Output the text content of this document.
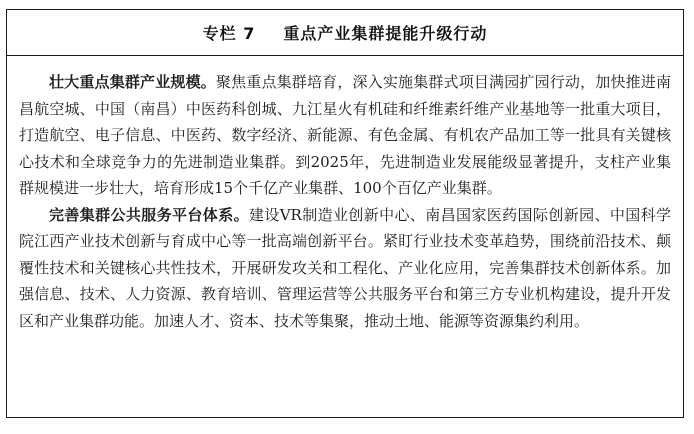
专栏 7 重点产业集群提能升级行动

壮大重点集群产业规模。聚焦重点集群培育，深入实施集群式项目满园扩园行动，加快推进南昌航空城、中国（南昌）中医药科创城、九江星火有机硅和纤维素纤维产业基地等一批重大项目，打造航空、电子信息、中医药、数字经济、新能源、有色金属、有机农产品加工等一批具有关键核心技术和全球竞争力的先进制造业集群。到2025年，先进制造业发展能级显著提升，支柱产业集群规模进一步壮大，培育形成15个千亿产业集群、100个百亿产业集群。

完善集群公共服务平台体系。建设VR制造业创新中心、南昌国家医药国际创新园、中国科学院江西产业技术创新与育成中心等一批高端创新平台。紧盯行业技术变革趋势，围绕前沿技术、颠覆性技术和关键核心共性技术，开展研发攻关和工程化、产业化应用，完善集群技术创新体系。加强信息、技术、人力资源、教育培训、管理运营等公共服务平台和第三方专业机构建设，提升开发区和产业集群功能。加速人才、资本、技术等集聚，推动土地、能源等资源集约利用。
